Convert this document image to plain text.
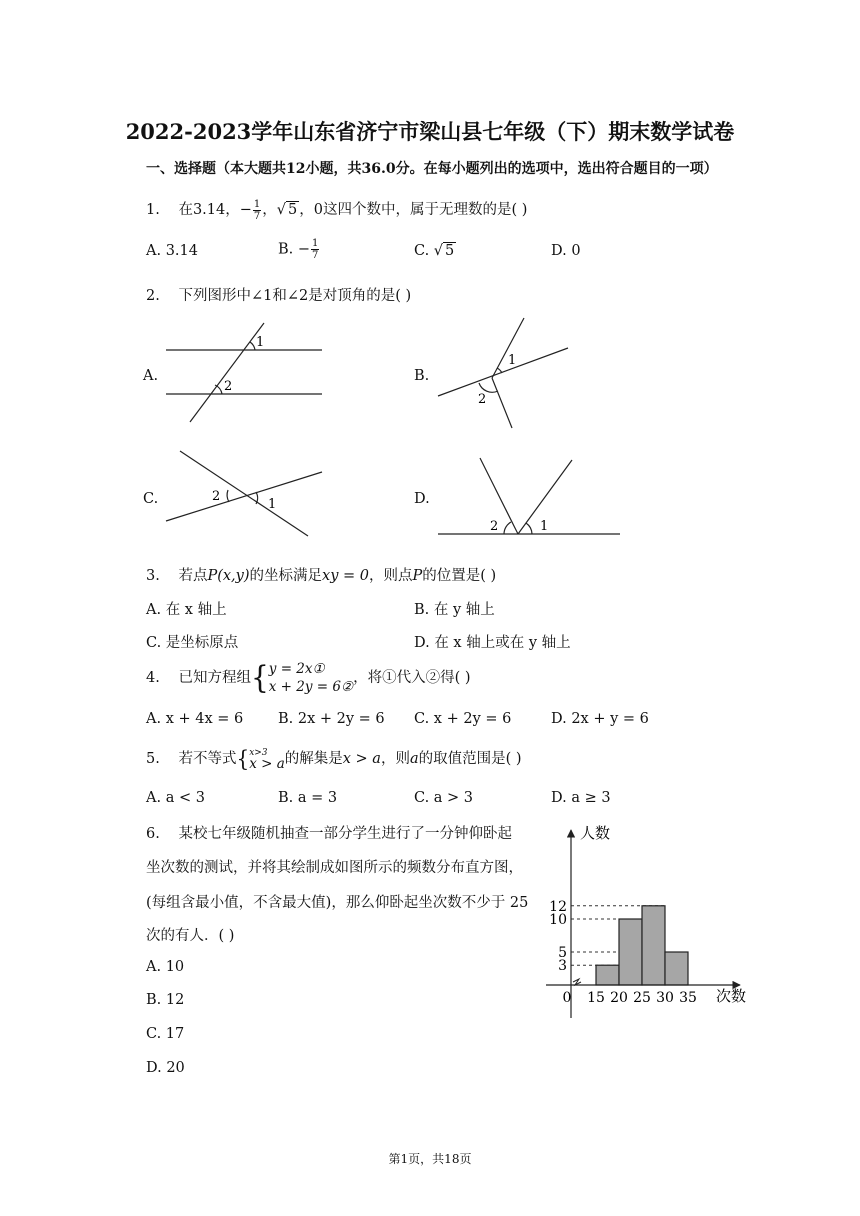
2022-2023学年山东省济宁市梁山县七年级（下）期末数学试卷
一、选择题（本大题共12小题，共36.0分。在每小题列出的选项中，选出符合题目的一项）
1. 在3.14，− $\frac{1}{7}$ ，√ 5 ，0这四个数中，属于无理数的是( )
A. 3.14	B. − $\frac{1}{7}$	C. √ 5	D. 0
2. 下列图形中∠1和∠2是对顶角的是( )
A.	B.
C.	D.
1
2
1
2
2
1
2	1
3. 若点P(x,y)的坐标满足xy = 0，则点P的位置是( )
A. 在 x 轴上	B. 在 y 轴上
C. 是坐标原点	D. 在 x 轴上或在 y 轴上
4. 已知方程组{ y = 2x①
x + 2y = 6②
，将①代入②得( )
A. x + 4x = 6 B. 2x + 2y = 6 C. x + 2y = 6	D. 2x + y = 6
5. 若不等式{ x>3
x > a 的解集是x > a，则a的取值范围是( )
A. a < 3	B. a = 3	C. a > 3	D. a ≥ 3
6. 某校七年级随机抽查一部分学生进行了一分钟仰卧起
坐次数的测试，并将其绘制成如图所示的频数分布直方图，
(每组含最小值，不含最大值)，那么仰卧起坐次数不少于 25
次的有人．( )
A. 10
B. 12
C. 17
D. 20
3
5
10
12
0 15 20 25 30 35
人数
次数
第1页，共18页
